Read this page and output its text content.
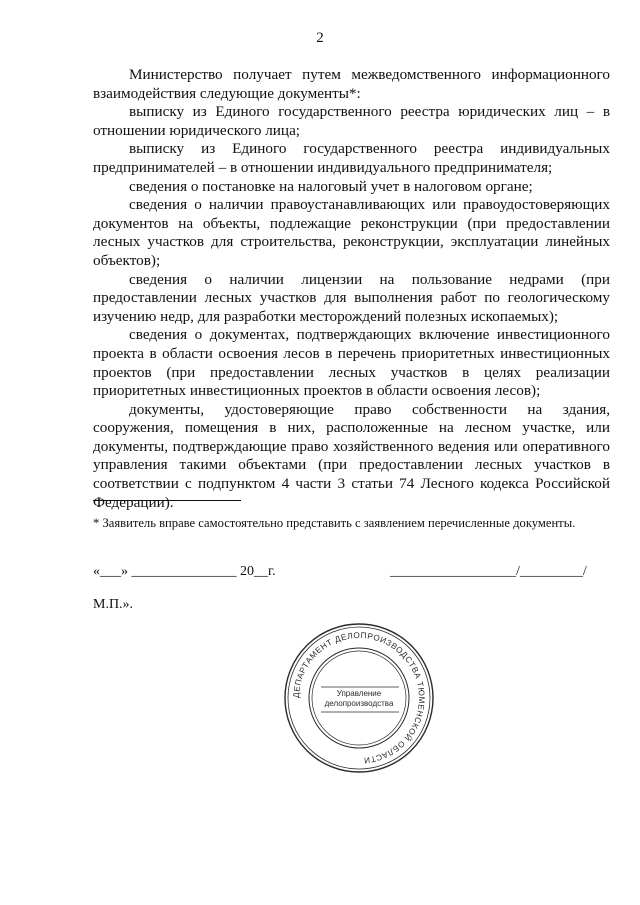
2

Министерство получает путем межведомственного информационного взаимодействия следующие документы*:

выписку из Единого государственного реестра юридических лиц – в отношении юридического лица;

выписку из Единого государственного реестра индивидуальных предпринимателей – в отношении индивидуального предпринимателя;

сведения о постановке на налоговый учет в налоговом органе;

сведения о наличии правоустанавливающих или правоудостоверяющих документов на объекты, подлежащие реконструкции (при предоставлении лесных участков для строительства, реконструкции, эксплуатации линейных объектов);

сведения о наличии лицензии на пользование недрами (при предоставлении лесных участков для выполнения работ по геологическому изучению недр, для разработки месторождений полезных ископаемых);

сведения о документах, подтверждающих включение инвестиционного проекта в области освоения лесов в перечень приоритетных инвестиционных проектов (при предоставлении лесных участков в целях реализации приоритетных инвестиционных проектов в области освоения лесов);

документы, удостоверяющие право собственности на здания, сооружения, помещения в них, расположенные на лесном участке, или документы, подтверждающие право хозяйственного ведения или оперативного управления такими объектами (при предоставлении лесных участков в соответствии с подпунктом 4 части 3 статьи 74 Лесного кодекса Российской Федерации).

* Заявитель вправе самостоятельно представить с заявлением перечисленные документы.
«___» _______________ 20__г.	__________________/_________/
М.П.».
ДЕПАРТАМЕНТ ДЕЛОПРОИЗВОДСТВА ТЮМЕНСКОЙ ОБЛАСТИ
Управление
делопроизводства
